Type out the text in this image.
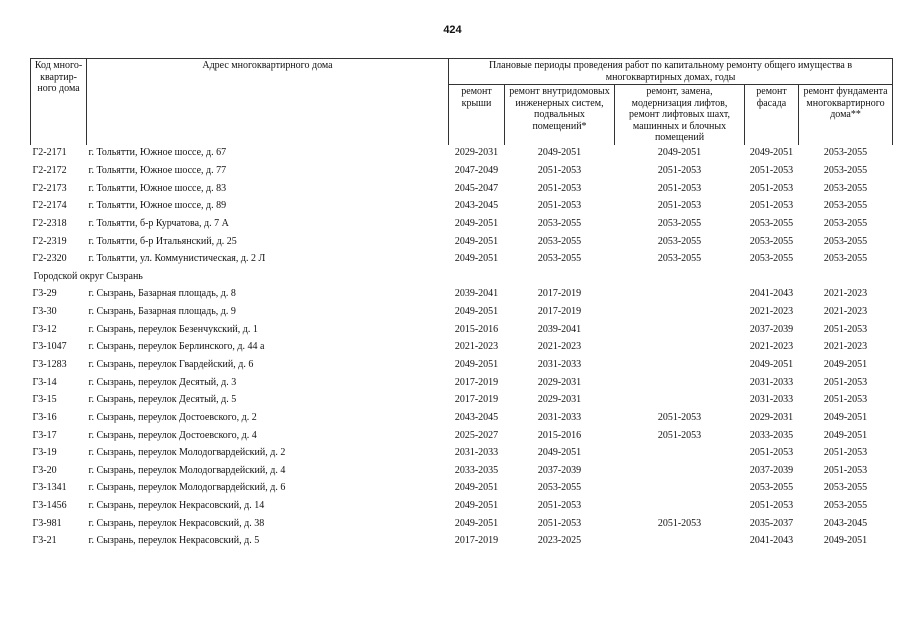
424
Код много-квартир-ного дома	Адрес многоквартирного дома	Плановые периоды проведения работ по капитальному ремонту общего имущества в многоквартирных домах, годы				
		ремонт крыши	ремонт внутридомовых инженерных систем, подвальных помещений*	ремонт, замена, модернизация лифтов, ремонт лифтовых шахт, машинных и блочных помещений	ремонт фасада	ремонт фундамента многоквартирного дома**
Г2-2171	г. Тольятти, Южное шоссе, д. 67	2029-2031	2049-2051	2049-2051	2049-2051	2053-2055
Г2-2172	г. Тольятти, Южное шоссе, д. 77	2047-2049	2051-2053	2051-2053	2051-2053	2053-2055
Г2-2173	г. Тольятти, Южное шоссе, д. 83	2045-2047	2051-2053	2051-2053	2051-2053	2053-2055
Г2-2174	г. Тольятти, Южное шоссе, д. 89	2043-2045	2051-2053	2051-2053	2051-2053	2053-2055
Г2-2318	г. Тольятти, б-р Курчатова, д. 7 А	2049-2051	2053-2055	2053-2055	2053-2055	2053-2055
Г2-2319	г. Тольятти, б-р Итальянский, д. 25	2049-2051	2053-2055	2053-2055	2053-2055	2053-2055
Г2-2320	г. Тольятти, ул. Коммунистическая, д. 2 Л	2049-2051	2053-2055	2053-2055	2053-2055	2053-2055
Городской округ Сызрань						
Г3-29	г. Сызрань, Базарная площадь, д. 8	2039-2041	2017-2019		2041-2043	2021-2023
Г3-30	г. Сызрань, Базарная площадь, д. 9	2049-2051	2017-2019		2021-2023	2021-2023
Г3-12	г. Сызрань, переулок Безенчукский, д. 1	2015-2016	2039-2041		2037-2039	2051-2053
Г3-1047	г. Сызрань, переулок Берлинского, д. 44 а	2021-2023	2021-2023		2021-2023	2021-2023
Г3-1283	г. Сызрань, переулок Гвардейский, д. 6	2049-2051	2031-2033		2049-2051	2049-2051
Г3-14	г. Сызрань, переулок Десятый, д. 3	2017-2019	2029-2031		2031-2033	2051-2053
Г3-15	г. Сызрань, переулок Десятый, д. 5	2017-2019	2029-2031		2031-2033	2051-2053
Г3-16	г. Сызрань, переулок Достоевского, д. 2	2043-2045	2031-2033	2051-2053	2029-2031	2049-2051
Г3-17	г. Сызрань, переулок Достоевского, д. 4	2025-2027	2015-2016	2051-2053	2033-2035	2049-2051
Г3-19	г. Сызрань, переулок Молодогвардейский, д. 2	2031-2033	2049-2051		2051-2053	2051-2053
Г3-20	г. Сызрань, переулок Молодогвардейский, д. 4	2033-2035	2037-2039		2037-2039	2051-2053
Г3-1341	г. Сызрань, переулок Молодогвардейский, д. 6	2049-2051	2053-2055		2053-2055	2053-2055
Г3-1456	г. Сызрань, переулок Некрасовский, д. 14	2049-2051	2051-2053		2051-2053	2053-2055
Г3-981	г. Сызрань, переулок Некрасовский, д. 38	2049-2051	2051-2053	2051-2053	2035-2037	2043-2045
Г3-21	г. Сызрань, переулок Некрасовский, д. 5	2017-2019	2023-2025		2041-2043	2049-2051
